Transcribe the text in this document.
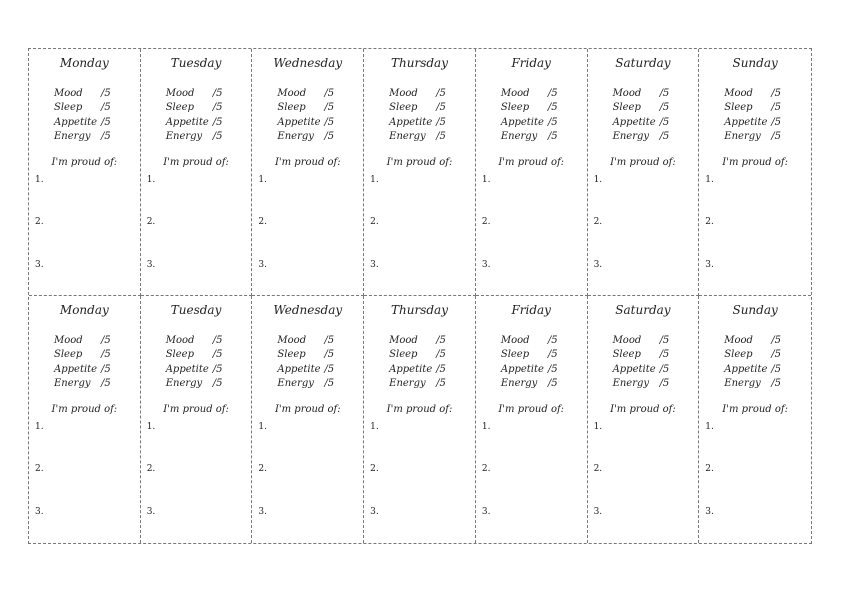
Monday
Mood	/5
Sleep	/5
Appetite /5
Energy	/5
I'm proud of:
1.
2.
3.
Tuesday
Mood	/5
Sleep	/5
Appetite /5
Energy	/5
I'm proud of:
1.
2.
3.
Wednesday
Mood	/5
Sleep	/5
Appetite /5
Energy	/5
I'm proud of:
1.
2.
3.
Thursday
Mood	/5
Sleep	/5
Appetite /5
Energy	/5
I'm proud of:
1.
2.
3.
Friday
Mood	/5
Sleep	/5
Appetite /5
Energy	/5
I'm proud of:
1.
2.
3.
Saturday
Mood	/5
Sleep	/5
Appetite /5
Energy	/5
I'm proud of:
1.
2.
3.
Sunday
Mood	/5
Sleep	/5
Appetite /5
Energy	/5
I'm proud of:
1.
2.
3.
Monday
Mood	/5
Sleep	/5
Appetite /5
Energy	/5
I'm proud of:
1.
2.
3.
Tuesday
Mood	/5
Sleep	/5
Appetite /5
Energy	/5
I'm proud of:
1.
2.
3.
Wednesday
Mood	/5
Sleep	/5
Appetite /5
Energy	/5
I'm proud of:
1.
2.
3.
Thursday
Mood	/5
Sleep	/5
Appetite /5
Energy	/5
I'm proud of:
1.
2.
3.
Friday
Mood	/5
Sleep	/5
Appetite /5
Energy	/5
I'm proud of:
1.
2.
3.
Saturday
Mood	/5
Sleep	/5
Appetite /5
Energy	/5
I'm proud of:
1.
2.
3.
Sunday
Mood	/5
Sleep	/5
Appetite /5
Energy	/5
I'm proud of:
1.
2.
3.
